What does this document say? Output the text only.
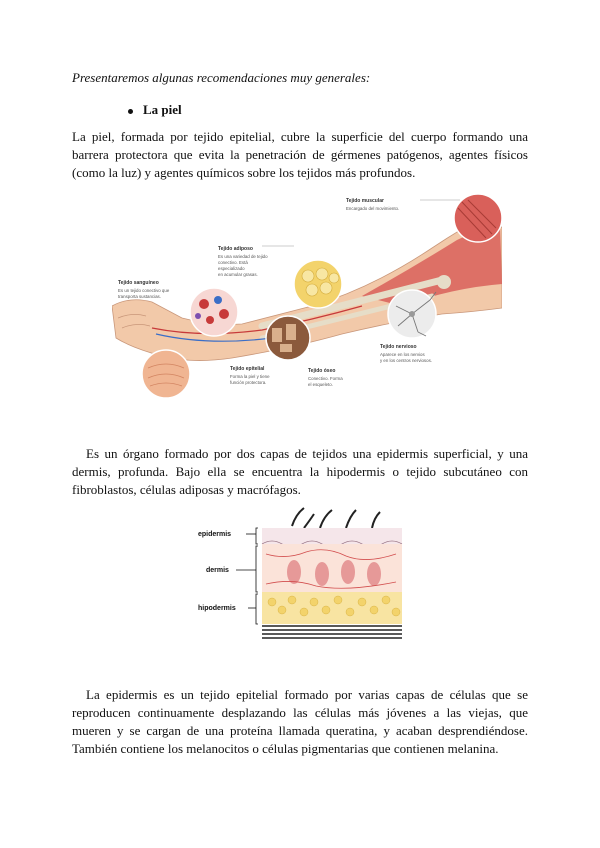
Presentaremos algunas recomendaciones muy generales:
La piel
La piel, formada por tejido epitelial, cubre la superficie del cuerpo formando una barrera protectora que evita la penetración de gérmenes patógenos, agentes físicos (como la luz) y agentes químicos sobre los tejidos más profundos.
Tejido muscular
Encargado del movimiento.
Tejido adiposo
Es una variedad de tejido
conectivo. Está
especializado
en acumular grasas.
Tejido sanguíneo
Es un tejido conectivo que
transporta sustancias.
Tejido epitelial
Forma la piel y tiene
función protectora.
Tejido óseo
Conectivo. Forma
el esqueleto.
Tejido nervioso
Aparece en los nervios
y en los centros nerviosos.
Es un órgano formado por dos capas de tejidos una epidermis superficial, y una dermis, profunda. Bajo ella se encuentra la hipodermis o tejido subcutáneo con fibroblastos, células adiposas y macrófagos.
epidermis
dermis
hipodermis
La epidermis es un tejido epitelial formado por varias capas de células que se reproducen continuamente desplazando las células más jóvenes a las viejas, que mueren y se cargan de una proteína llamada queratina, y acaban desprendiéndose. También contiene los melanocitos o células pigmentarias que contienen melanina.
